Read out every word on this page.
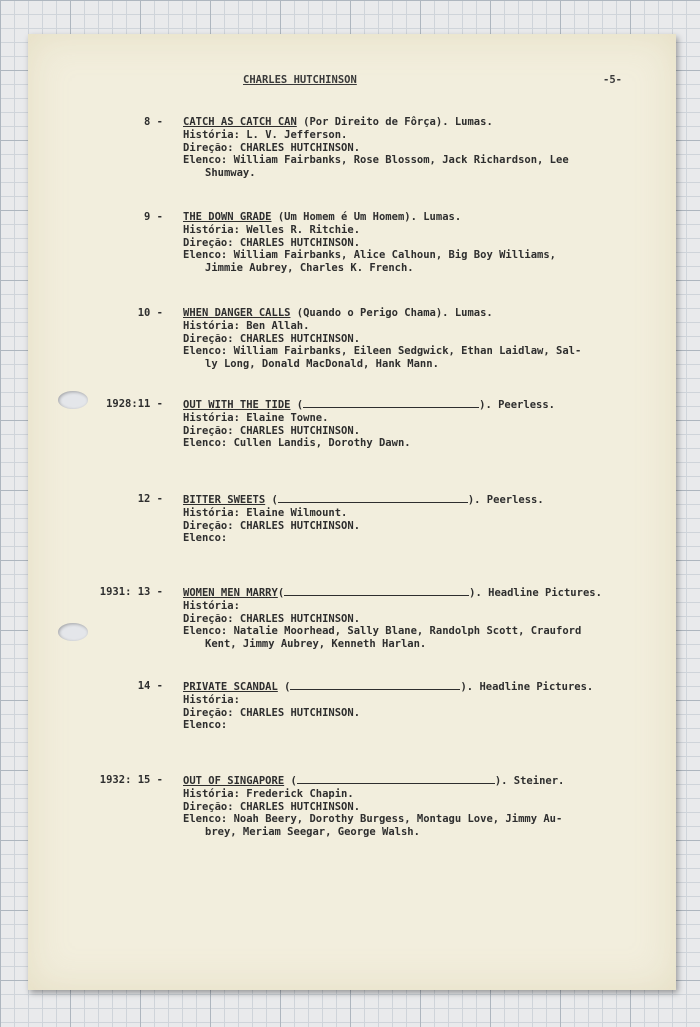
CHARLES HUTCHINSON	-5-
8 - CATCH AS CATCH CAN (Por Direito de Fôrça). Lumas.
História: L. V. Jefferson.
Direção: CHARLES HUTCHINSON.
Elenco: William Fairbanks, Rose Blossom, Jack Richardson, Lee
Shumway.
9 - THE DOWN GRADE (Um Homem é Um Homem). Lumas.
História: Welles R. Ritchie.
Direção: CHARLES HUTCHINSON.
Elenco: William Fairbanks, Alice Calhoun, Big Boy Williams,
Jimmie Aubrey, Charles K. French.
10 - WHEN DANGER CALLS (Quando o Perigo Chama). Lumas.
História: Ben Allah.
Direção: CHARLES HUTCHINSON.
Elenco: William Fairbanks, Eileen Sedgwick, Ethan Laidlaw, Sal-
ly Long, Donald MacDonald, Hank Mann.
1928:11 - OUT WITH THE TIDE (	). Peerless.
História: Elaine Towne.
Direção: CHARLES HUTCHINSON.
Elenco: Cullen Landis, Dorothy Dawn.
12 - BITTER SWEETS (	). Peerless.
História: Elaine Wilmount.
Direção: CHARLES HUTCHINSON.
Elenco:
1931: 13 - WOMEN MEN MARRY(	). Headline Pictures.
História:
Direção: CHARLES HUTCHINSON.
Elenco: Natalie Moorhead, Sally Blane, Randolph Scott, Crauford
Kent, Jimmy Aubrey, Kenneth Harlan.
14 - PRIVATE SCANDAL (	). Headline Pictures.
História:
Direção: CHARLES HUTCHINSON.
Elenco:
1932: 15 - OUT OF SINGAPORE (	). Steiner.
História: Frederick Chapin.
Direção: CHARLES HUTCHINSON.
Elenco: Noah Beery, Dorothy Burgess, Montagu Love, Jimmy Au-
brey, Meriam Seegar, George Walsh.
